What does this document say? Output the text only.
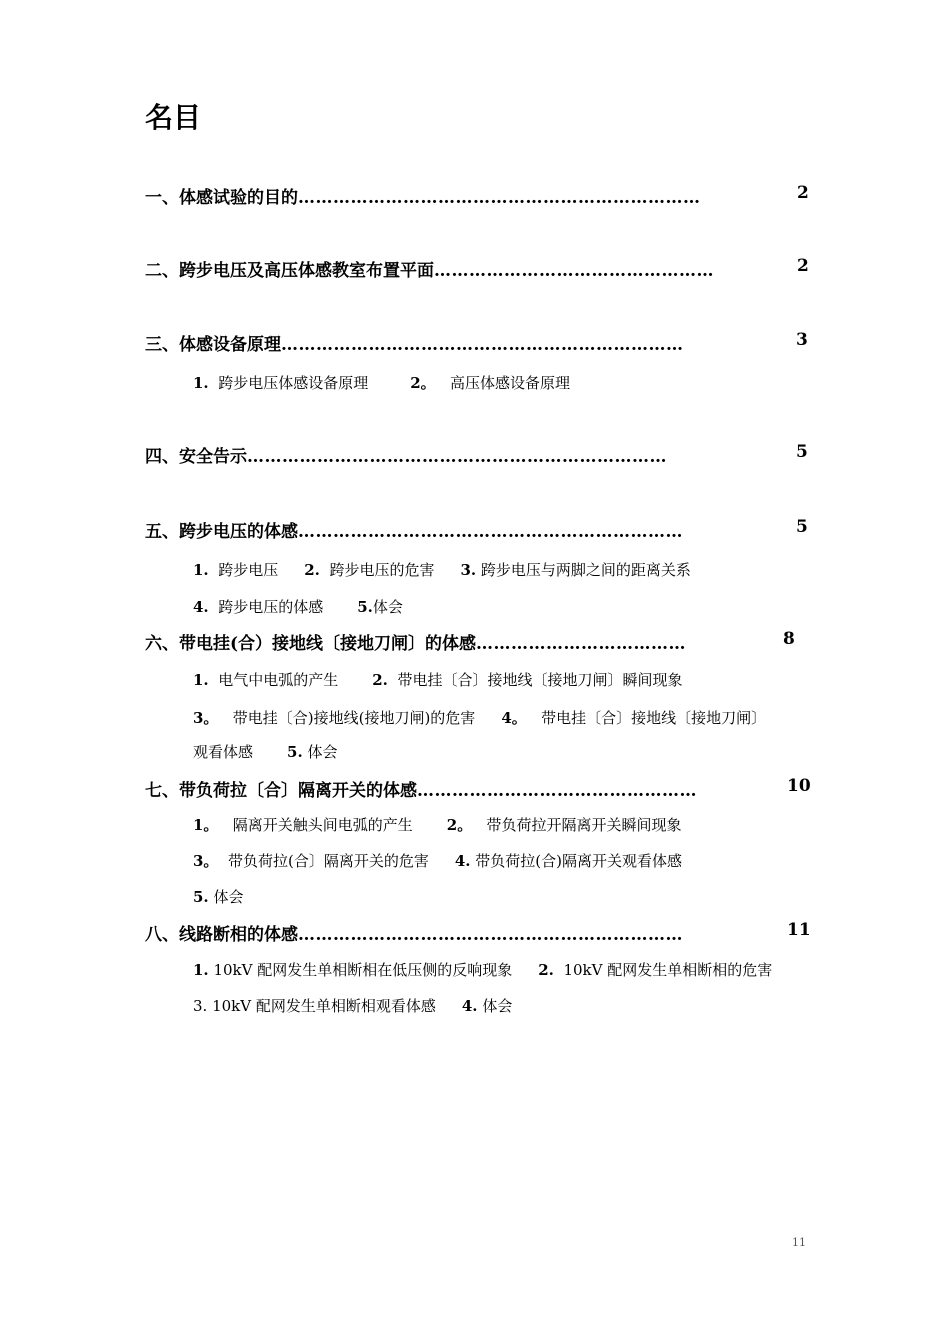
名目
一、体感试验的目的……………………………………………………………	2
二、跨步电压及高压体感教室布置平面…………………………………………	2
三、体感设备原理……………………………………………………………	3
1. 跨步电压体感设备原理	2。 高压体感设备原理
四、安全告示………………………………………………………………	5
五、跨步电压的体感…………………………………………………………	5
1. 跨步电压 2. 跨步电压的危害 3. 跨步电压与两脚之间的距离关系
4. 跨步电压的体感 5.体会
六、带电挂(合）接地线〔接地刀闸〕的体感………………………………	8
1. 电气中电弧的产生 2. 带电挂〔合〕接地线〔接地刀闸〕瞬间现象
3。 带电挂〔合)接地线(接地刀闸)的危害 4。 带电挂〔合〕接地线〔接地刀闸〕
观看体感 5. 体会
七、带负荷拉〔合〕隔离开关的体感…………………………………………	10
1。 隔离开关触头间电弧的产生 2。 带负荷拉开隔离开关瞬间现象
3。 带负荷拉(合〕隔离开关的危害 4. 带负荷拉(合)隔离开关观看体感
5. 体会
八、线路断相的体感…………………………………………………………	11
1. 10kV 配网发生单相断相在低压侧的反响现象 2. 10kV 配网发生单相断相的危害
3. 10kV 配网发生单相断相观看体感 4. 体会
11
